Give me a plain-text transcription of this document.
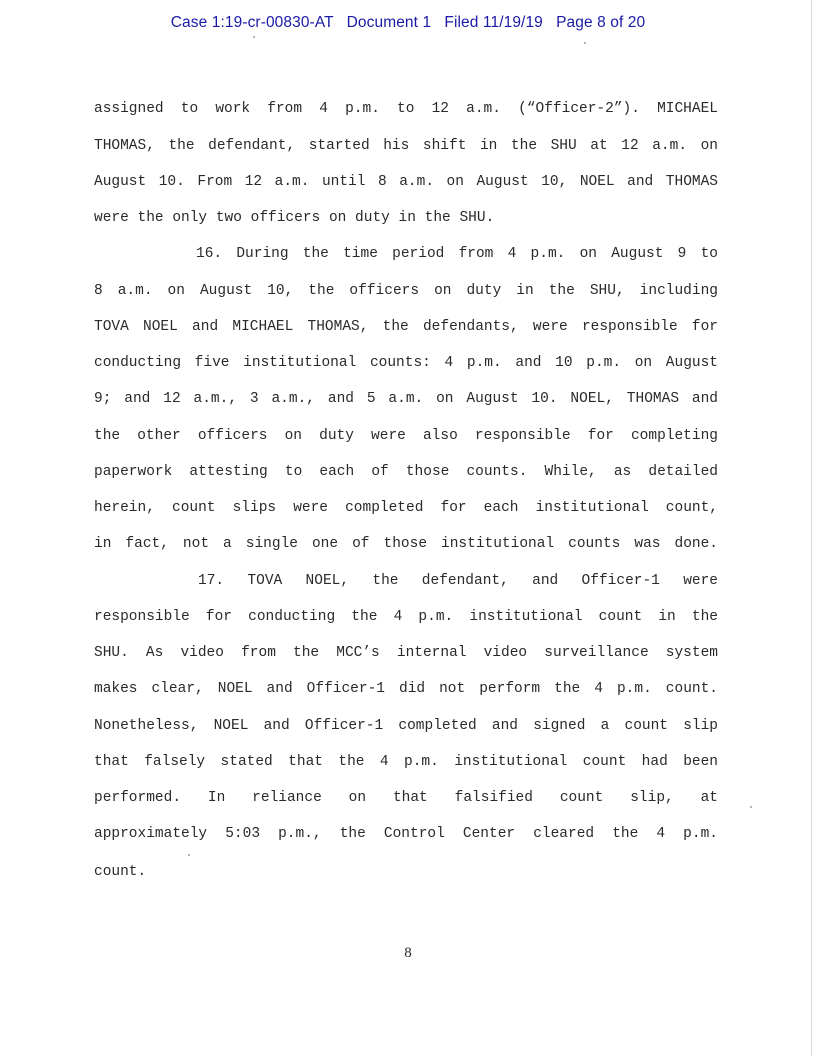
Case 1:19-cr-00830-AT   Document 1   Filed 11/19/19   Page 8 of 20
assigned to work from 4 p.m. to 12 a.m. (“Officer-2”). MICHAEL
THOMAS, the defendant, started his shift in the SHU at 12 a.m. on
August 10. From 12 a.m. until 8 a.m. on August 10, NOEL and THOMAS
were the only two officers on duty in the SHU.
16. During the time period from 4 p.m. on August 9 to
8 a.m. on August 10, the officers on duty in the SHU, including
TOVA NOEL and MICHAEL THOMAS, the defendants, were responsible for
conducting five institutional counts: 4 p.m. and 10 p.m. on August
9; and 12 a.m., 3 a.m., and 5 a.m. on August 10. NOEL, THOMAS and
the other officers on duty were also responsible for completing
paperwork attesting to each of those counts. While, as detailed
herein, count slips were completed for each institutional count,
in fact, not a single one of those institutional counts was done.
17. TOVA NOEL, the defendant, and Officer-1 were
responsible for conducting the 4 p.m. institutional count in the
SHU. As video from the MCC’s internal video surveillance system
makes clear, NOEL and Officer-1 did not perform the 4 p.m. count.
Nonetheless, NOEL and Officer-1 completed and signed a count slip
that falsely stated that the 4 p.m. institutional count had been
performed. In reliance on that falsified count slip, at
approximately 5:03 p.m., the Control Center cleared the 4 p.m.
count.
8
